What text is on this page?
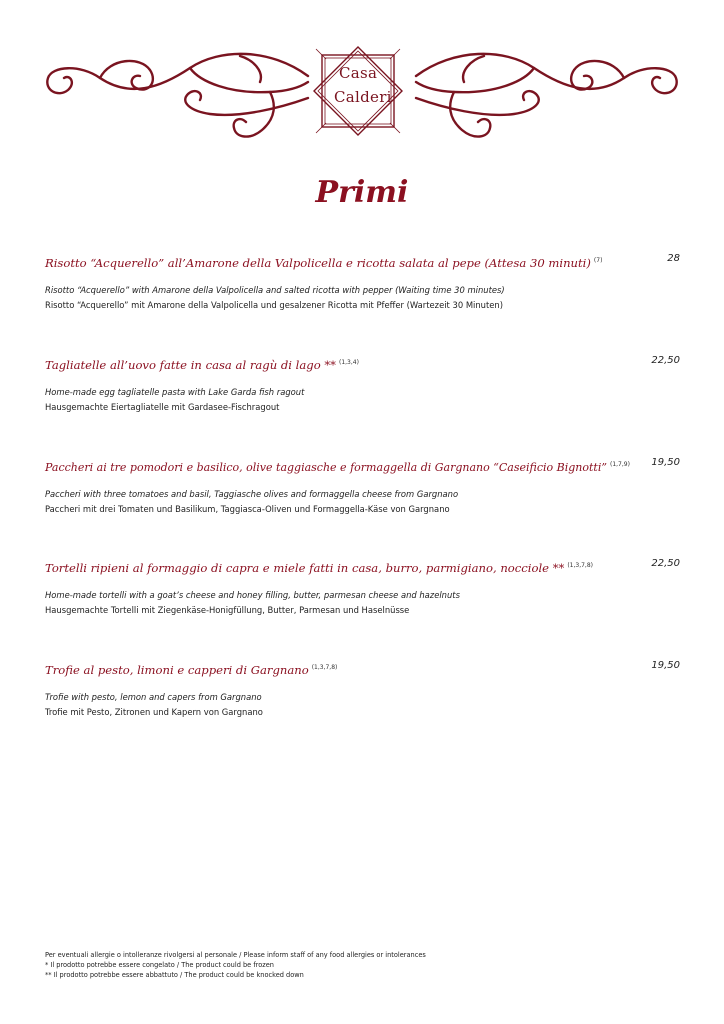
Casa
Calderi
Primi
Risotto “Acquerello” all’Amarone della Valpolicella e ricotta salata al pepe (Attesa 30 minuti) $^{(7)}$	28
Risotto “Acquerello” with Amarone della Valpolicella and salted ricotta with pepper (Waiting time 30 minutes)
Risotto “Acquerello” mit Amarone della Valpolicella und gesalzener Ricotta mit Pfeffer (Wartezeit 30 Minuten)
Tagliatelle all’uovo fatte in casa al ragù di lago ** $^{(1,3,4)}$	22,50
Home-made egg tagliatelle pasta with Lake Garda fish ragout
Hausgemachte Eiertagliatelle mit Gardasee-Fischragout
Paccheri ai tre pomodori e basilico, olive taggiasche e formaggella di Gargnano “Caseificio Bignotti” $^{(1,7,9)}$ 19,50
Paccheri with three tomatoes and basil, Taggiasche olives and formaggella cheese from Gargnano
Paccheri mit drei Tomaten und Basilikum, Taggiasca-Oliven und Formaggella-Käse von Gargnano
Tortelli ripieni al formaggio di capra e miele fatti in casa, burro, parmigiano, nocciole ** $^{(1,3,7,8)}$	22,50
Home-made tortelli with a goat’s cheese and honey filling, butter, parmesan cheese and hazelnuts
Hausgemachte Tortelli mit Ziegenkäse-Honigfüllung, Butter, Parmesan und Haselnüsse
Trofie al pesto, limoni e capperi di Gargnano $^{(1,3,7,8)}$	19,50
Trofie with pesto, lemon and capers from Gargnano
Trofie mit Pesto, Zitronen und Kapern von Gargnano
Per eventuali allergie o intolleranze rivolgersi al personale / Please inform staff of any food allergies or intolerances
* Il prodotto potrebbe essere congelato / The product could be frozen
** Il prodotto potrebbe essere abbattuto / The product could be knocked down
